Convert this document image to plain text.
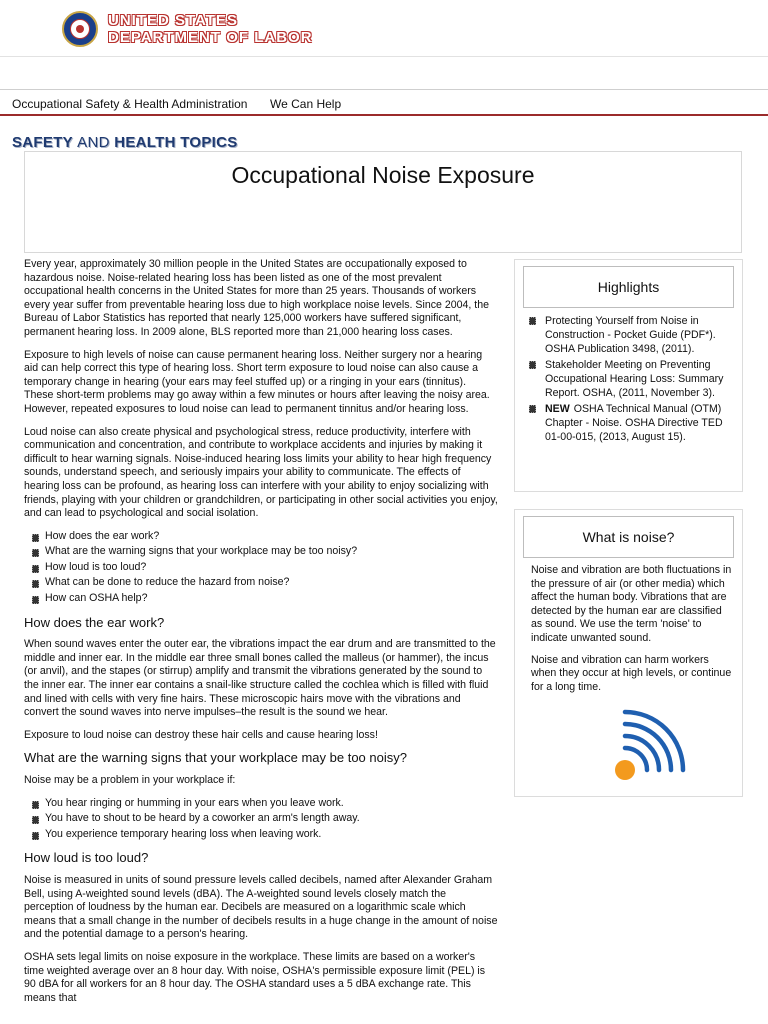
UNITED STATES
DEPARTMENT OF LABOR
Occupational Safety & Health Administration We Can Help
SAFETY AND HEALTH TOPICS
Occupational Noise Exposure

Every year, approximately 30 million people in the United States are occupationally exposed to hazardous noise. Noise-related hearing loss has been listed as one of the most prevalent occupational health concerns in the United States for more than 25 years. Thousands of workers every year suffer from preventable hearing loss due to high workplace noise levels. Since 2004, the Bureau of Labor Statistics has reported that nearly 125,000 workers have suffered significant, permanent hearing loss. In 2009 alone, BLS reported more than 21,000 hearing loss cases.

Exposure to high levels of noise can cause permanent hearing loss. Neither surgery nor a hearing aid can help correct this type of hearing loss. Short term exposure to loud noise can also cause a temporary change in hearing (your ears may feel stuffed up) or a ringing in your ears (tinnitus). These short-term problems may go away within a few minutes or hours after leaving the noisy area. However, repeated exposures to loud noise can lead to permanent tinnitus and/or hearing loss.

Loud noise can also create physical and psychological stress, reduce productivity, interfere with communication and concentration, and contribute to workplace accidents and injuries by making it difficult to hear warning signals. Noise-induced hearing loss limits your ability to hear high frequency sounds, understand speech, and seriously impairs your ability to communicate. The effects of hearing loss can be profound, as hearing loss can interfere with your ability to enjoy socializing with friends, playing with your children or grandchildren, or participating in other social activities you enjoy, and can lead to psychological and social isolation.

How does the ear work?
What are the warning signs that your workplace may be too noisy?
How loud is too loud?
What can be done to reduce the hazard from noise?
How can OSHA help?
How does the ear work?

When sound waves enter the outer ear, the vibrations impact the ear drum and are transmitted to the middle and inner ear. In the middle ear three small bones called the malleus (or hammer), the incus (or anvil), and the stapes (or stirrup) amplify and transmit the vibrations generated by the sound to the inner ear. The inner ear contains a snail-like structure called the cochlea which is filled with fluid and lined with cells with very fine hairs. These microscopic hairs move with the vibrations and convert the sound waves into nerve impulses–the result is the sound we hear.

Exposure to loud noise can destroy these hair cells and cause hearing loss!

What are the warning signs that your workplace may be too noisy?

Noise may be a problem in your workplace if:

You hear ringing or humming in your ears when you leave work.
You have to shout to be heard by a coworker an arm's length away.
You experience temporary hearing loss when leaving work.
How loud is too loud?

Noise is measured in units of sound pressure levels called decibels, named after Alexander Graham Bell, using A-weighted sound levels (dBA). The A-weighted sound levels closely match the perception of loudness by the human ear. Decibels are measured on a logarithmic scale which means that a small change in the number of decibels results in a huge change in the amount of noise and the potential damage to a person's hearing.

OSHA sets legal limits on noise exposure in the workplace. These limits are based on a worker's time weighted average over an 8 hour day. With noise, OSHA's permissible exposure limit (PEL) is 90 dBA for all workers for an 8 hour day. The OSHA standard uses a 5 dBA exchange rate. This means that

Highlights
Protecting Yourself from Noise in Construction - Pocket Guide (PDF*). OSHA Publication 3498, (2011).
Stakeholder Meeting on Preventing Occupational Hearing Loss: Summary Report. OSHA, (2011, November 3).
NEW OSHA Technical Manual (OTM) Chapter - Noise. OSHA Directive TED 01-00-015, (2013, August 15).
What is noise?

Noise and vibration are both fluctuations in the pressure of air (or other media) which affect the human body. Vibrations that are detected by the human ear are classified as sound. We use the term 'noise' to indicate unwanted sound.

Noise and vibration can harm workers when they occur at high levels, or continue for a long time.
